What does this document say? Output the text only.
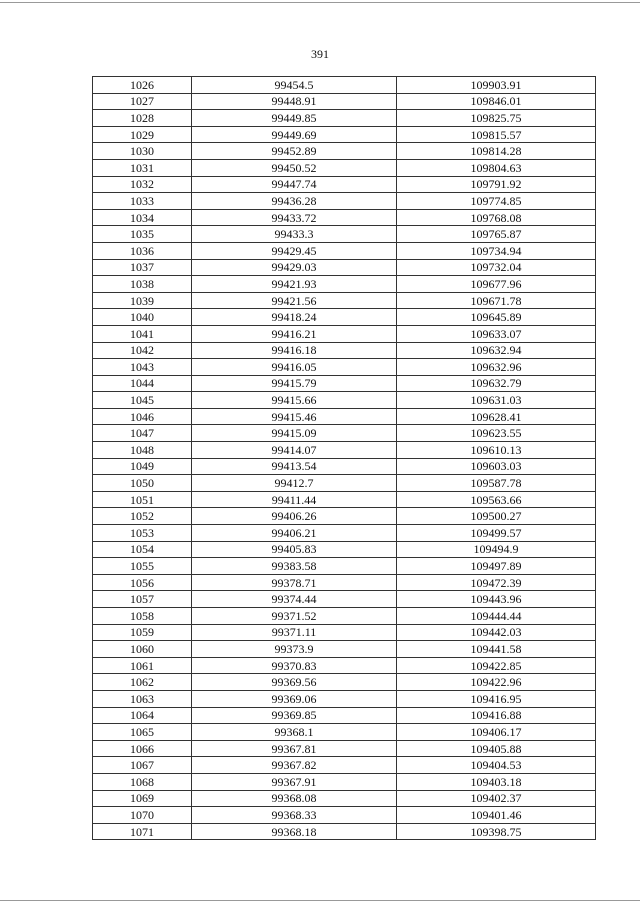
391
1026	99454.5	109903.91
1027	99448.91	109846.01
1028	99449.85	109825.75
1029	99449.69	109815.57
1030	99452.89	109814.28
1031	99450.52	109804.63
1032	99447.74	109791.92
1033	99436.28	109774.85
1034	99433.72	109768.08
1035	99433.3	109765.87
1036	99429.45	109734.94
1037	99429.03	109732.04
1038	99421.93	109677.96
1039	99421.56	109671.78
1040	99418.24	109645.89
1041	99416.21	109633.07
1042	99416.18	109632.94
1043	99416.05	109632.96
1044	99415.79	109632.79
1045	99415.66	109631.03
1046	99415.46	109628.41
1047	99415.09	109623.55
1048	99414.07	109610.13
1049	99413.54	109603.03
1050	99412.7	109587.78
1051	99411.44	109563.66
1052	99406.26	109500.27
1053	99406.21	109499.57
1054	99405.83	109494.9
1055	99383.58	109497.89
1056	99378.71	109472.39
1057	99374.44	109443.96
1058	99371.52	109444.44
1059	99371.11	109442.03
1060	99373.9	109441.58
1061	99370.83	109422.85
1062	99369.56	109422.96
1063	99369.06	109416.95
1064	99369.85	109416.88
1065	99368.1	109406.17
1066	99367.81	109405.88
1067	99367.82	109404.53
1068	99367.91	109403.18
1069	99368.08	109402.37
1070	99368.33	109401.46
1071	99368.18	109398.75
